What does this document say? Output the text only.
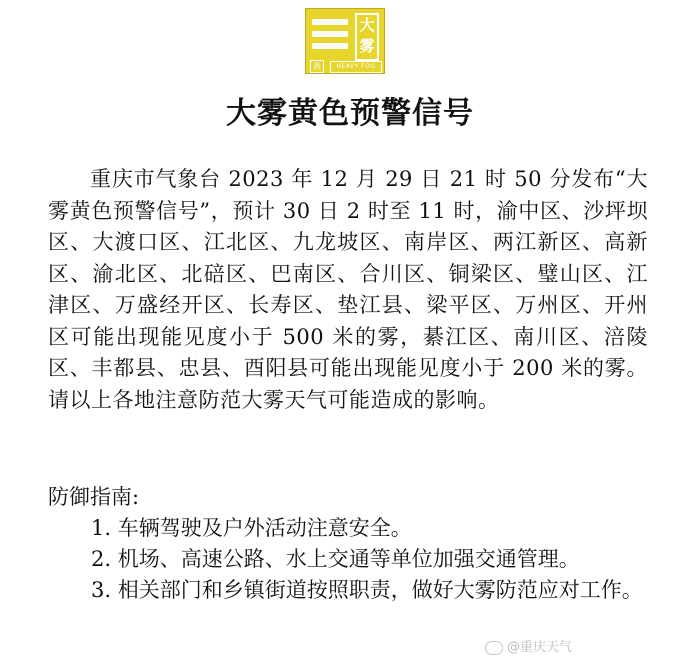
大
雾
黄	HEAVY FOG
大雾黄色预警信号
重庆市气象台 2023 年 12 月 29 日 21 时 50 分发布“大雾黄色预警信号”，预计 30 日 2 时至 11 时，渝中区、沙坪坝区、大渡口区、江北区、九龙坡区、南岸区、两江新区、高新区、渝北区、北碚区、巴南区、合川区、铜梁区、璧山区、江津区、万盛经开区、长寿区、垫江县、梁平区、万州区、开州区可能出现能见度小于 500 米的雾，綦江区、南川区、涪陵区、丰都县、忠县、酉阳县可能出现能见度小于 200 米的雾。请以上各地注意防范大雾天气可能造成的影响。
防御指南:
1. 车辆驾驶及户外活动注意安全。
2. 机场、高速公路、水上交通等单位加强交通管理。
3. 相关部门和乡镇街道按照职责，做好大雾防范应对工作。
@重庆天气
